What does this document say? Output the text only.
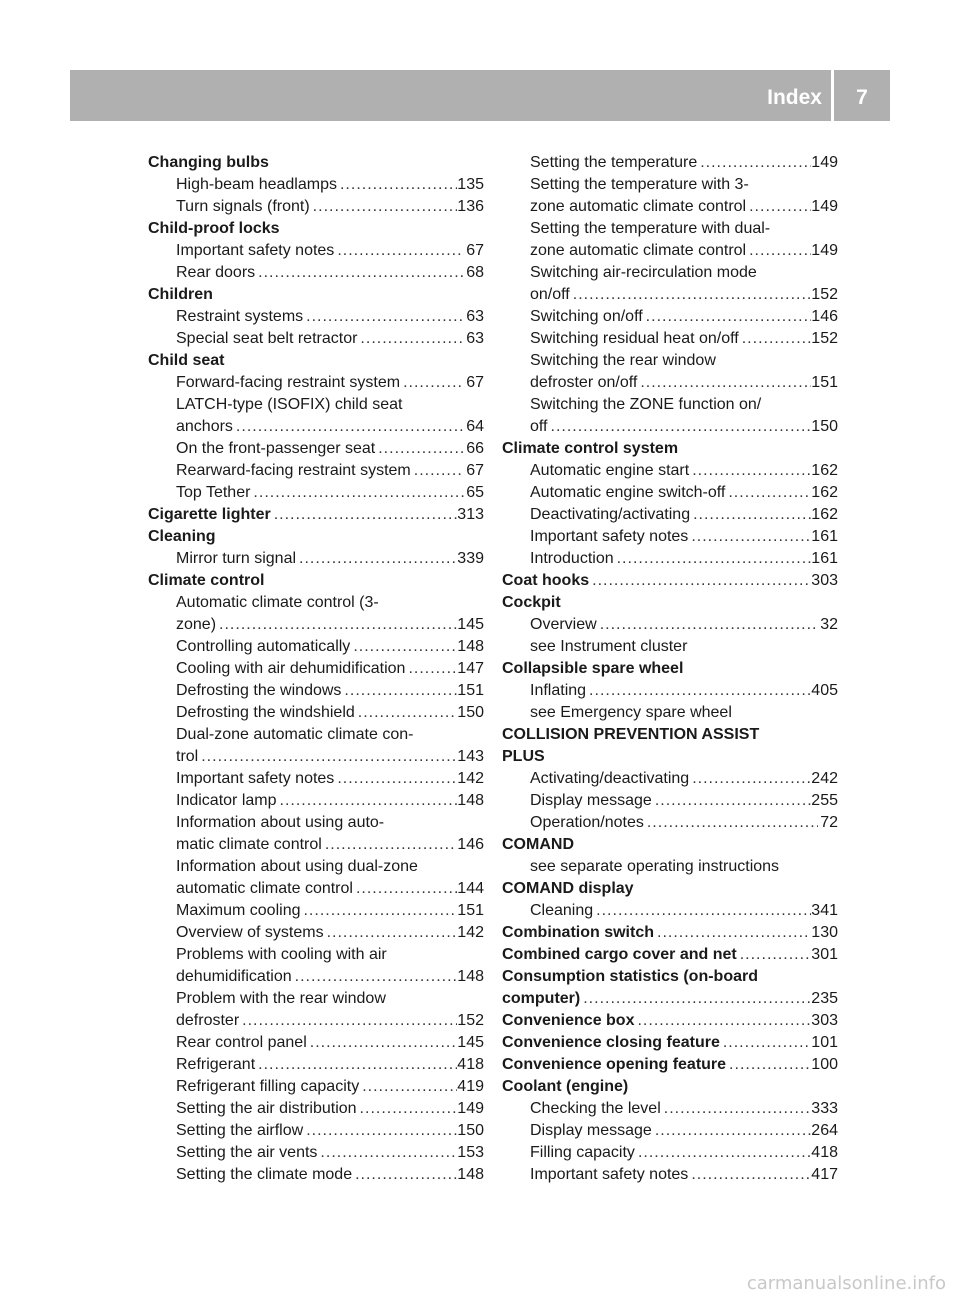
Index	7
Changing bulbs
High-beam headlamps .....	135
Turn signals (front) .....	136
Child-proof locks
Important safety notes .....	67
Rear doors .....	68
Children
Restraint systems .....	63
Special seat belt retractor .....	63
Child seat
Forward-facing restraint system .....	67
LATCH-type (ISOFIX) child seat
anchors .....	64
On the front-passenger seat .....	66
Rearward-facing restraint system .....	67
Top Tether .....	65
Cigarette lighter .....	313
Cleaning
Mirror turn signal .....	339
Climate control
Automatic climate control (3-
zone) .....	145
Controlling automatically .....	148
Cooling with air dehumidification .....	147
Defrosting the windows .....	151
Defrosting the windshield .....	150
Dual-zone automatic climate con-
trol .....	143
Important safety notes .....	142
Indicator lamp .....	148
Information about using auto-
matic climate control .....	146
Information about using dual-zone
automatic climate control .....	144
Maximum cooling .....	151
Overview of systems .....	142
Problems with cooling with air
dehumidification .....	148
Problem with the rear window
defroster .....	152
Rear control panel .....	145
Refrigerant .....	418
Refrigerant filling capacity .....	419
Setting the air distribution .....	149
Setting the airflow .....	150
Setting the air vents .....	153
Setting the climate mode .....	148
Setting the temperature .....	149
Setting the temperature with 3-
zone automatic climate control .....	149
Setting the temperature with dual-
zone automatic climate control .....	149
Switching air-recirculation mode
on/off .....	152
Switching on/off .....	146
Switching residual heat on/off .....	152
Switching the rear window
defroster on/off .....	151
Switching the ZONE function on/
off .....	150
Climate control system
Automatic engine start .....	162
Automatic engine switch-off .....	162
Deactivating/activating .....	162
Important safety notes .....	161
Introduction .....	161
Coat hooks .....	303
Cockpit
Overview .....	32
see Instrument cluster
Collapsible spare wheel
Inflating .....	405
see Emergency spare wheel
COLLISION PREVENTION ASSIST
PLUS
Activating/deactivating .....	242
Display message .....	255
Operation/notes .....	72
COMAND
see separate operating instructions
COMAND display
Cleaning .....	341
Combination switch .....	130
Combined cargo cover and net .....	301
Consumption statistics (on-board
computer) .....	235
Convenience box .....	303
Convenience closing feature .....	101
Convenience opening feature .....	100
Coolant (engine)
Checking the level .....	333
Display message .....	264
Filling capacity .....	418
Important safety notes .....	417
carmanualsonline.info
